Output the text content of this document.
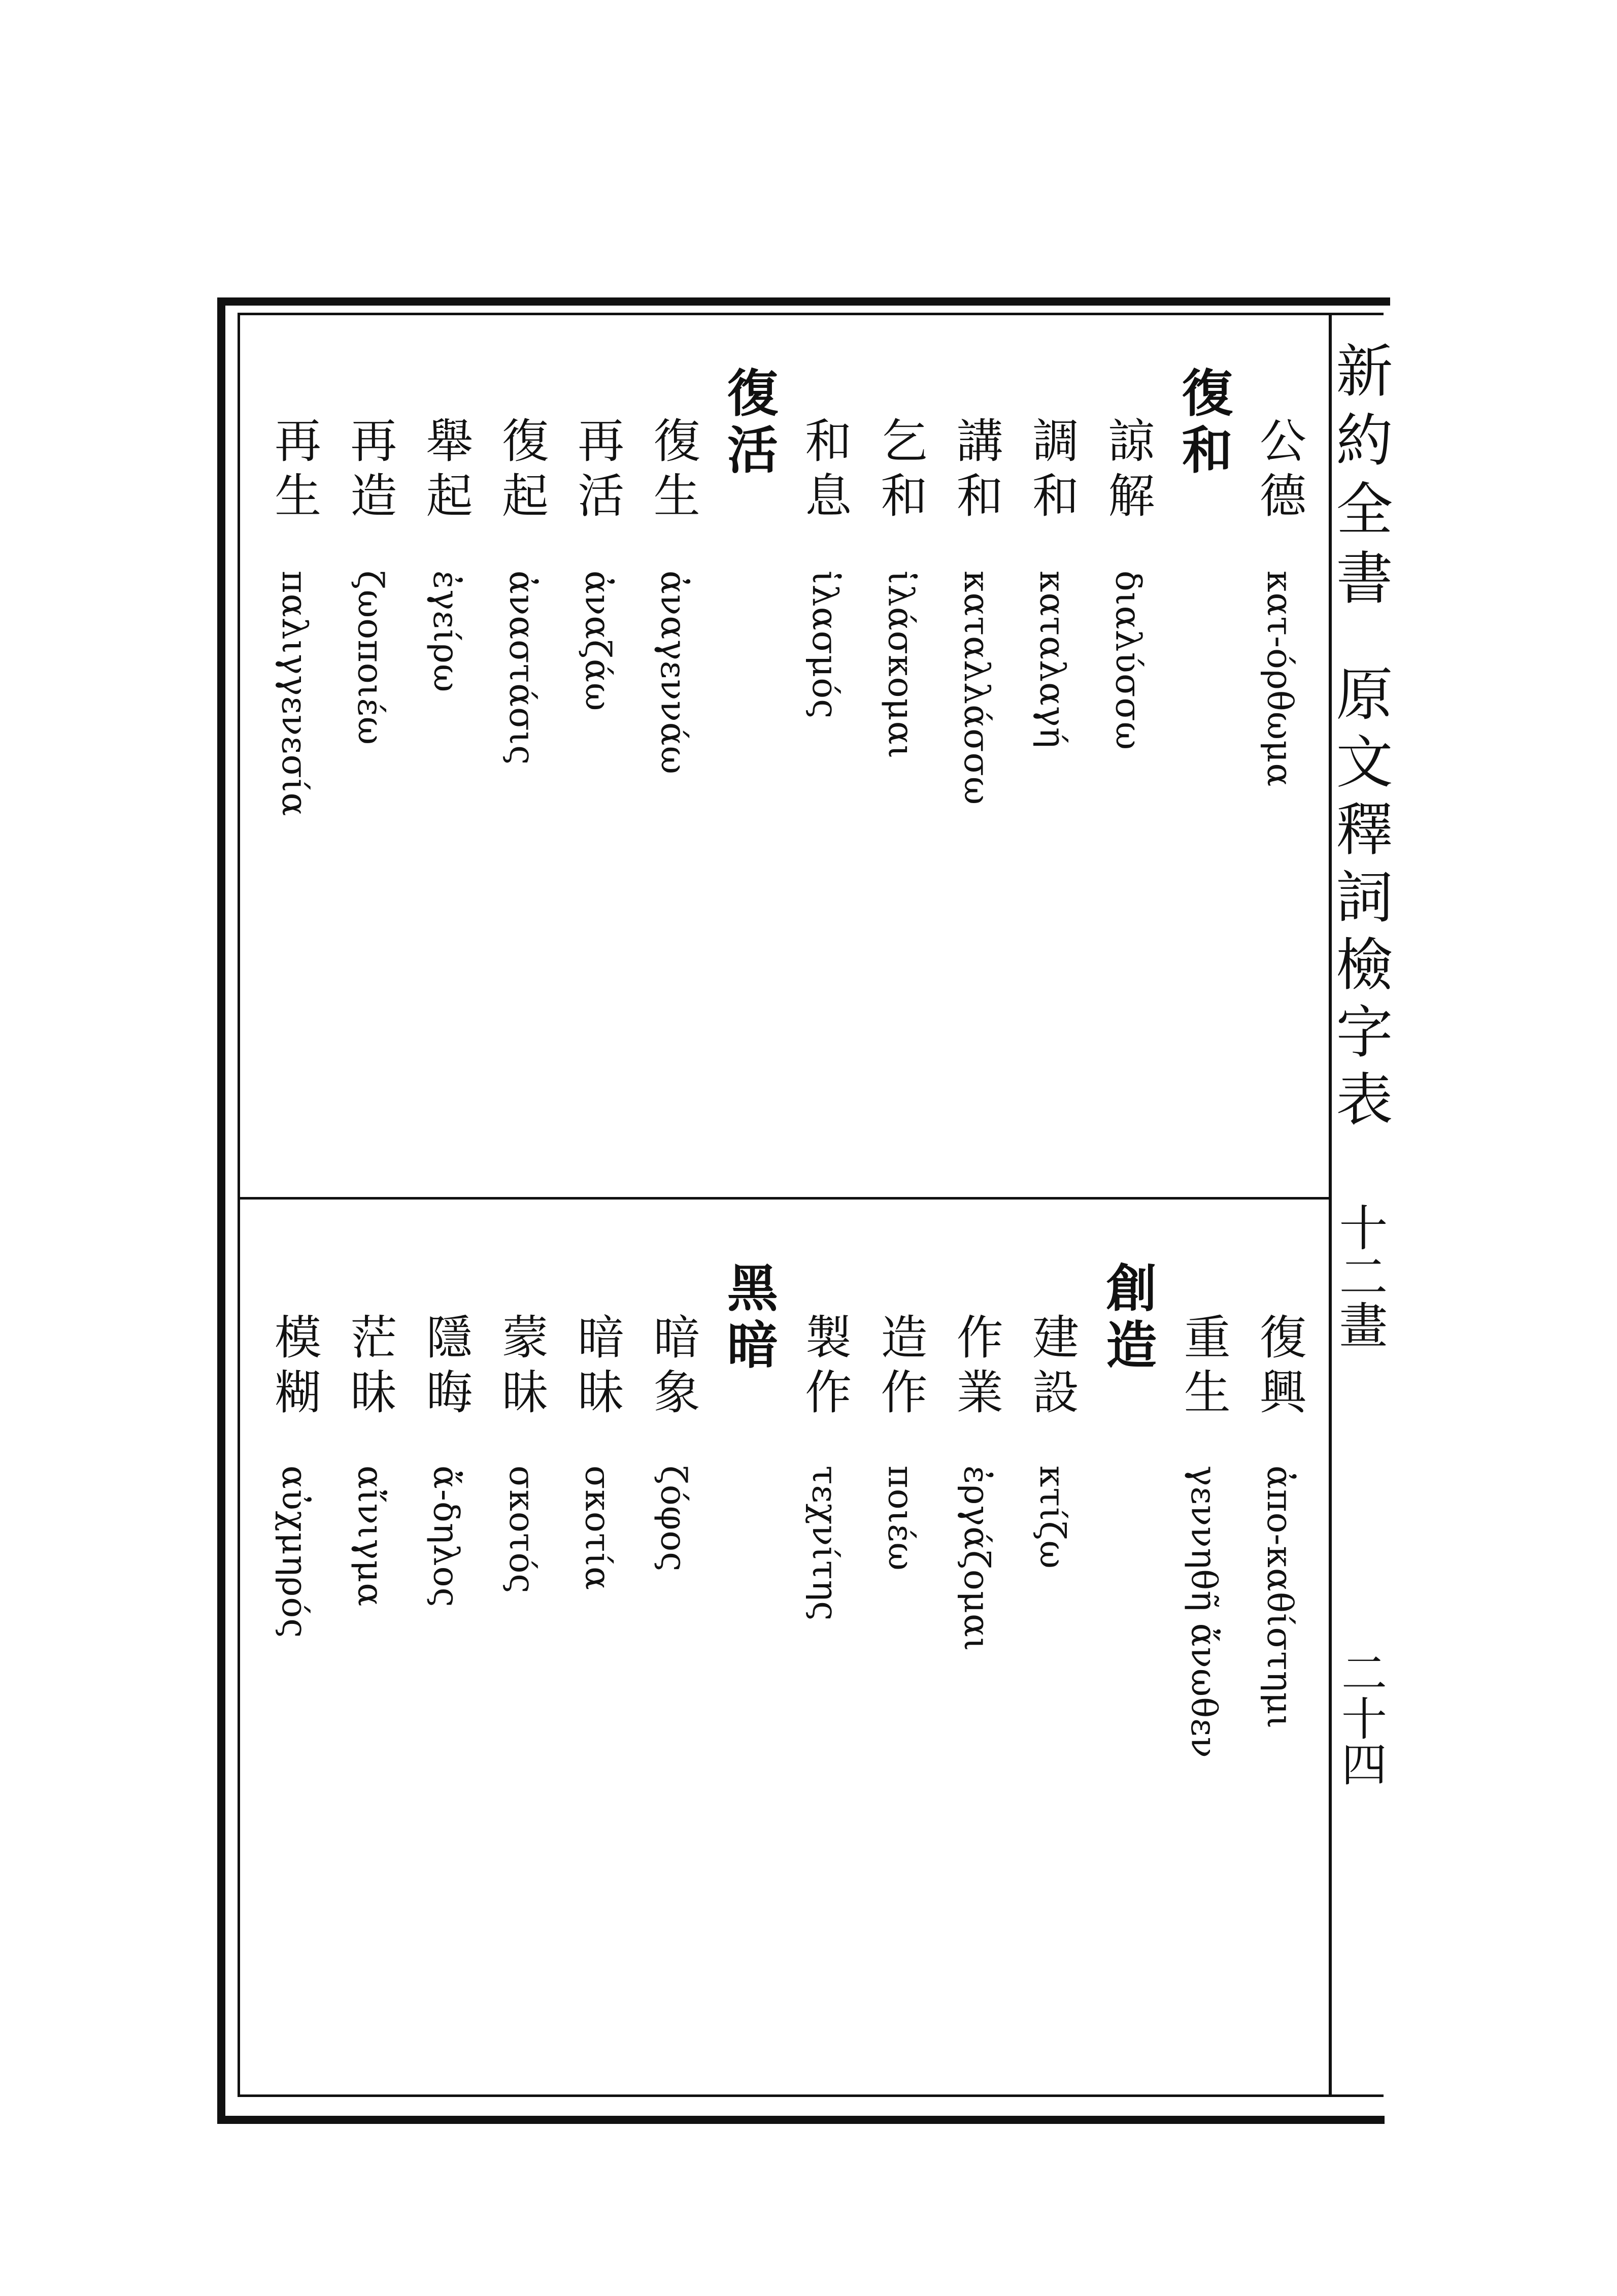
新約全書
原文釋詞檢字表
十二畫
二十四
公德
κατ-όρθωμα
復和
諒解
διαλύσσω
調和
καταλαγή
講和
καταλλάσσω
乞和
ἱλάσκομαι
和息
ἱλασμός
復活
復生
ἀναγεννάω
再活
ἀναζάω
復起
ἀναστάσις
舉起
ἐγείρω
再造
ζωοποιέω
再生
παλιγγενεσία
復興
ἀπο-καθίστημι
重生
γεννηθῆ ἄνωθεν
創造
建設
κτίζω
作業
ἐργάζομαι
造作
ποιέω
製作
τεχνίτης
黑暗
暗象
ζόφος
暗昧
σκοτία
蒙昧
σκοτός
隱晦
ἄ-δηλος
茫昧
αἴνιγμα
模糊
αὐχμηρός
